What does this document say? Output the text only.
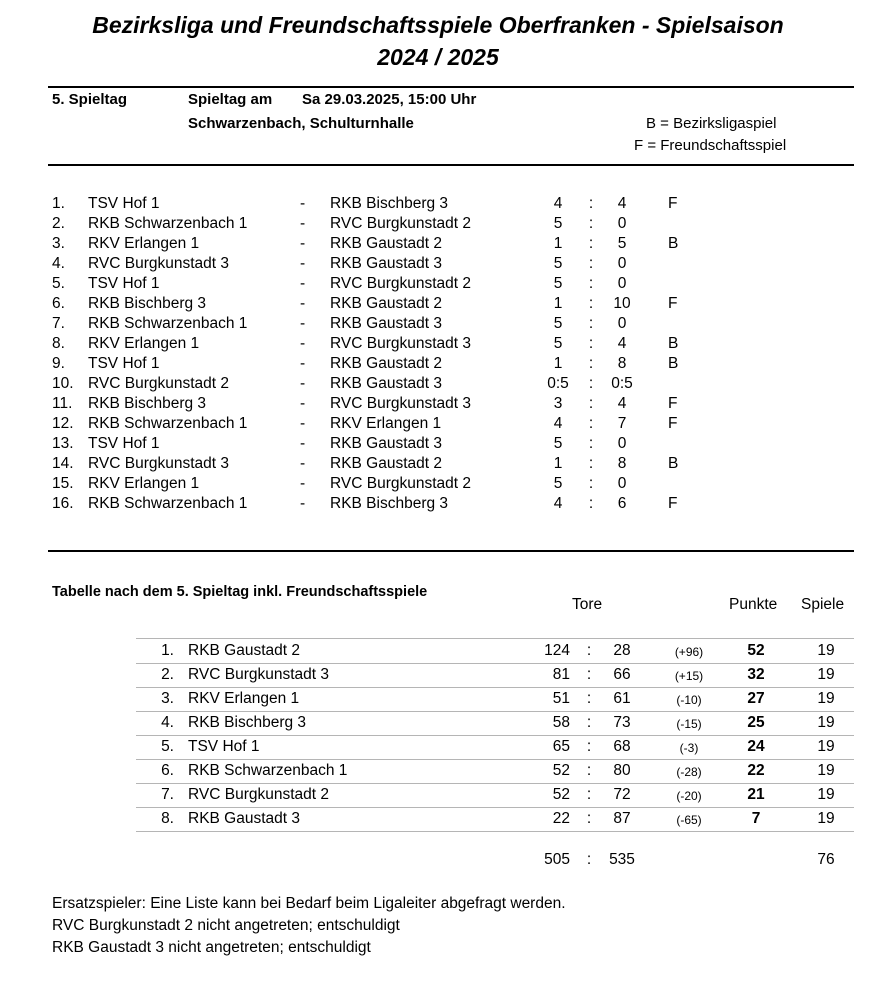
Bezirksliga und Freundschaftsspiele Oberfranken - Spielsaison
2024 / 2025
5. Spieltag	Spieltag am Sa 29.03.2025, 15:00 Uhr
Schwarzenbach, Schulturnhalle	B = Bezirksligaspiel
F = Freundschaftsspiel
1. TSV Hof 1	- RKB Bischberg 3	4	:	4	F
2. RKB Schwarzenbach 1	- RVC Burgkunstadt 2	5	:	0
3. RKV Erlangen 1	- RKB Gaustadt 2	1	:	5	B
4. RVC Burgkunstadt 3	- RKB Gaustadt 3	5	:	0
5. TSV Hof 1	- RVC Burgkunstadt 2	5	:	0
6. RKB Bischberg 3	- RKB Gaustadt 2	1	:	10	F
7. RKB Schwarzenbach 1	- RKB Gaustadt 3	5	:	0
8. RKV Erlangen 1	- RVC Burgkunstadt 3	5	:	4	B
9. TSV Hof 1	- RKB Gaustadt 2	1	:	8	B
10. RVC Burgkunstadt 2	- RKB Gaustadt 3	0:5	:	0:5
11. RKB Bischberg 3	- RVC Burgkunstadt 3	3	:	4	F
12. RKB Schwarzenbach 1	- RKV Erlangen 1	4	:	7	F
13. TSV Hof 1	- RKB Gaustadt 3	5	:	0
14. RVC Burgkunstadt 3	- RKB Gaustadt 2	1	:	8	B
15. RKV Erlangen 1	- RVC Burgkunstadt 2	5	:	0
16. RKB Schwarzenbach 1	- RKB Bischberg 3	4	:	6	F
Tabelle nach dem 5. Spieltag inkl. Freundschaftsspiele
Tore	Punkte Spiele
1. RKB Gaustadt 2	124 :	28	(+96)	52	19
2. RVC Burgkunstadt 3	81 :	66	(+15)	32	19
3. RKV Erlangen 1	51 :	61	(-10)	27	19
4. RKB Bischberg 3	58 :	73	(-15)	25	19
5. TSV Hof 1	65 :	68	(-3)	24	19
6. RKB Schwarzenbach 1	52 :	80	(-28)	22	19
7. RVC Burgkunstadt 2	52 :	72	(-20)	21	19
8. RKB Gaustadt 3	22 :	87	(-65)	7	19
505 :	535	76
Ersatzspieler: Eine Liste kann bei Bedarf beim Ligaleiter abgefragt werden.
RVC Burgkunstadt 2 nicht angetreten; entschuldigt
RKB Gaustadt 3 nicht angetreten; entschuldigt
